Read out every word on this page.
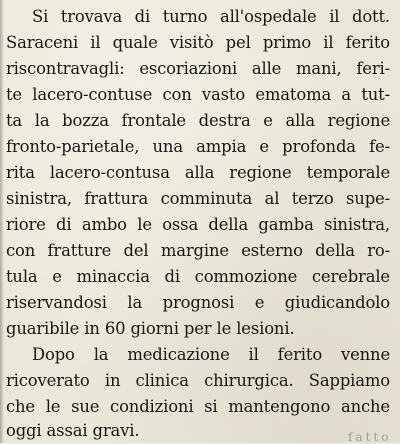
Si trovava di turno all'ospedale il dott.

Saraceni il quale visitò pel primo il ferito

riscontravagli: escoriazioni alle mani, feri-

te lacero-contuse con vasto ematoma a tut-

ta la bozza frontale destra e alla regione

fronto-parietale, una ampia e profonda fe-

rita lacero-contusa alla regione temporale

sinistra, frattura comminuta al terzo supe-

riore di ambo le ossa della gamba sinistra,

con fratture del margine esterno della ro-

tula e minaccia di commozione cerebrale

riservandosi la prognosi e giudicandolo

guaribile in 60 giorni per le lesioni.

Dopo la medicazione il ferito venne

ricoverato in clinica chirurgica. Sappiamo

che le sue condizioni si mantengono anche

oggi assai gravi.	fatto
